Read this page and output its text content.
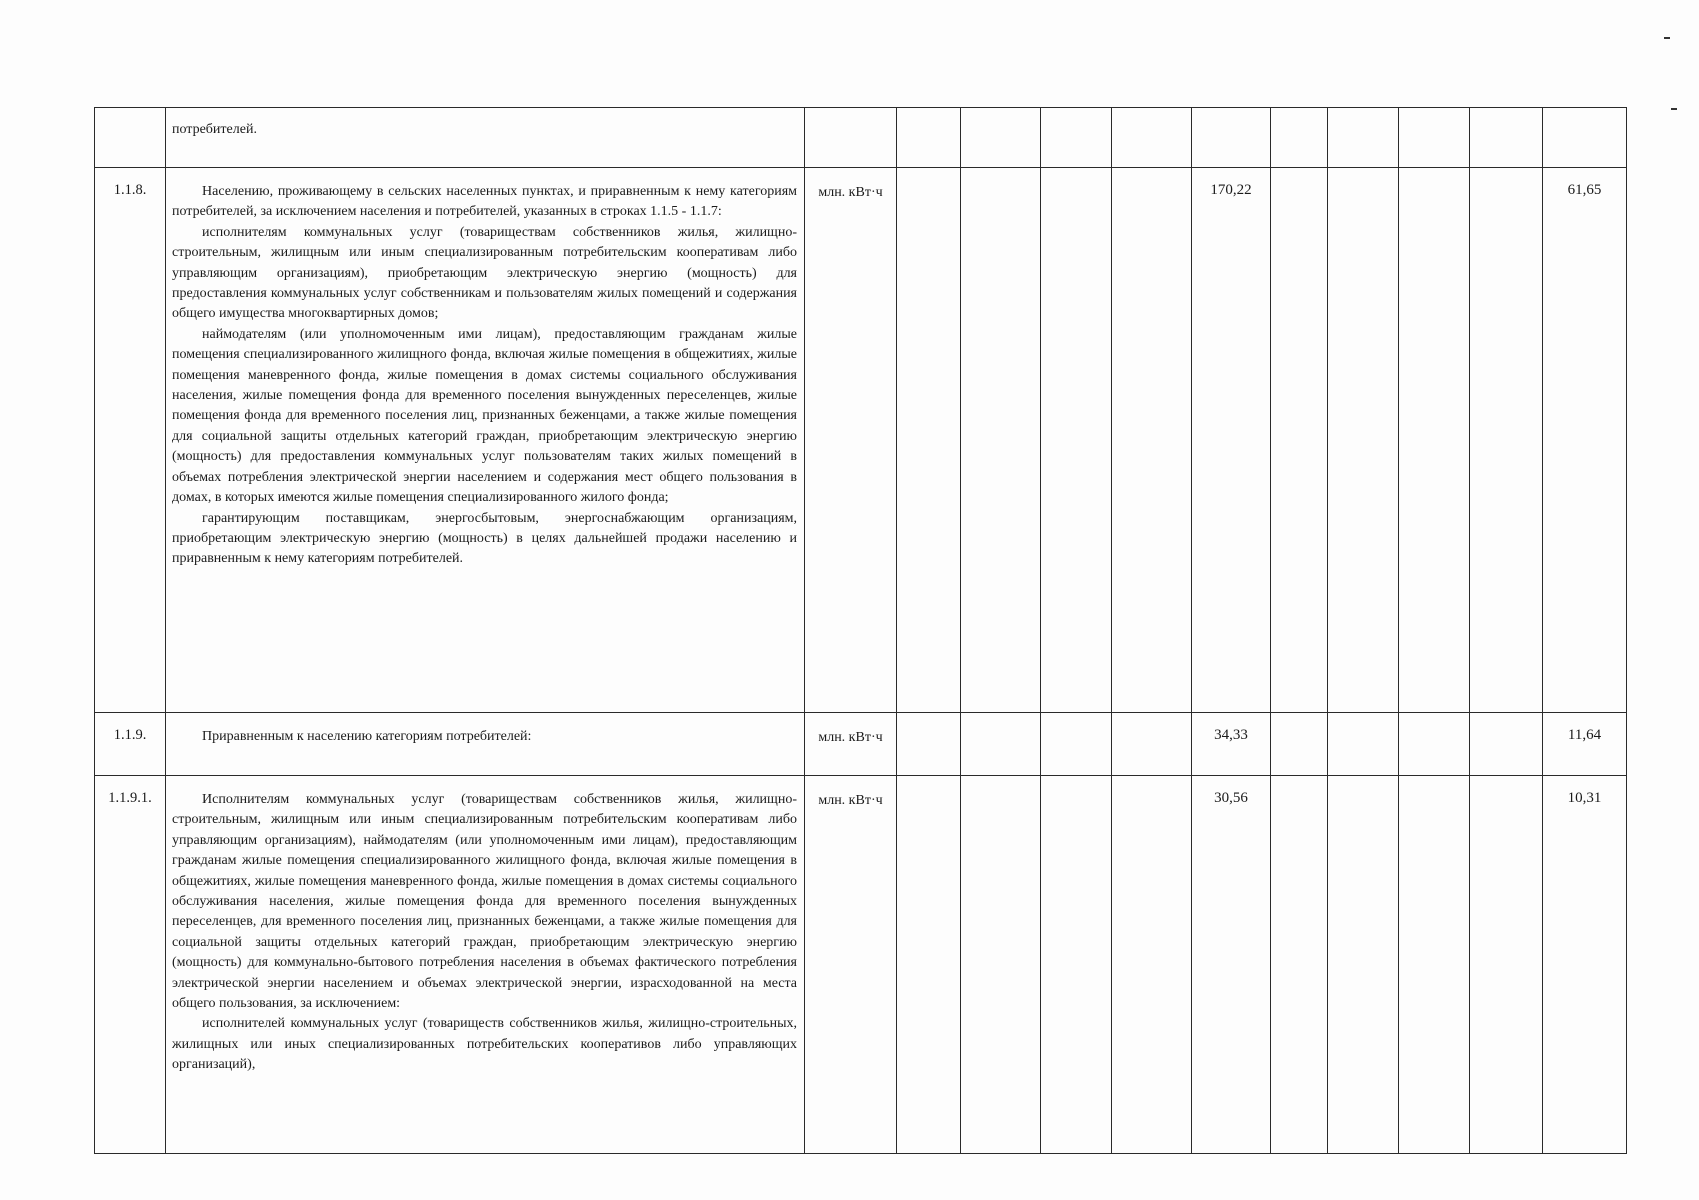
	потребителей.											

1.1.8.	Населению, проживающему в сельских населенных пунктах, и приравненным к нему категориям потребителей, за исключением населения и потребителей, указанных в строках 1.1.5 - 1.1.7:

исполнителям коммунальных услуг (товариществам собственников жилья, жилищно-строительным, жилищным или иным специализированным потребительским кооперативам либо управляющим организациям), приобретающим электрическую энергию (мощность) для предоставления коммунальных услуг собственникам и пользователям жилых помещений и содержания общего имущества многоквартирных домов;

наймодателям (или уполномоченным ими лицам), предоставляющим гражданам жилые помещения специализированного жилищного фонда, включая жилые помещения в общежитиях, жилые помещения маневренного фонда, жилые помещения в домах системы социального обслуживания населения, жилые помещения фонда для временного поселения вынужденных переселенцев, жилые помещения фонда для временного поселения лиц, признанных беженцами, а также жилые помещения для социальной защиты отдельных категорий граждан, приобретающим электрическую энергию (мощность) для предоставления коммунальных услуг пользователям таких жилых помещений в объемах потребления электрической энергии населением и содержания мест общего пользования в домах, в которых имеются жилые помещения специализированного жилого фонда;

гарантирующим поставщикам, энергосбытовым, энергоснабжающим организациям, приобретающим электрическую энергию (мощность) в целях дальнейшей продажи населению и приравненным к нему категориям потребителей.	млн. кВт·ч					170,22					61,65
1.1.9.	Приравненным к населению категориям потребителей:	млн. кВт·ч					34,33					11,64
1.1.9.1.	Исполнителям коммунальных услуг (товариществам собственников жилья, жилищно-строительным, жилищным или иным специализированным потребительским кооперативам либо управляющим организациям), наймодателям (или уполномоченным ими лицам), предоставляющим гражданам жилые помещения специализированного жилищного фонда, включая жилые помещения в общежитиях, жилые помещения маневренного фонда, жилые помещения в домах системы социального обслуживания населения, жилые помещения фонда для временного поселения вынужденных переселенцев, для временного поселения лиц, признанных беженцами, а также жилые помещения для социальной защиты отдельных категорий граждан, приобретающим электрическую энергию (мощность) для коммунально-бытового потребления населения в объемах фактического потребления электрической энергии населением и объемах электрической энергии, израсходованной на места общего пользования, за исключением:

исполнителей коммунальных услуг (товариществ собственников жилья, жилищно-строительных, жилищных или иных специализированных потребительских кооперативов либо управляющих организаций),	млн. кВт·ч					30,56					10,31
